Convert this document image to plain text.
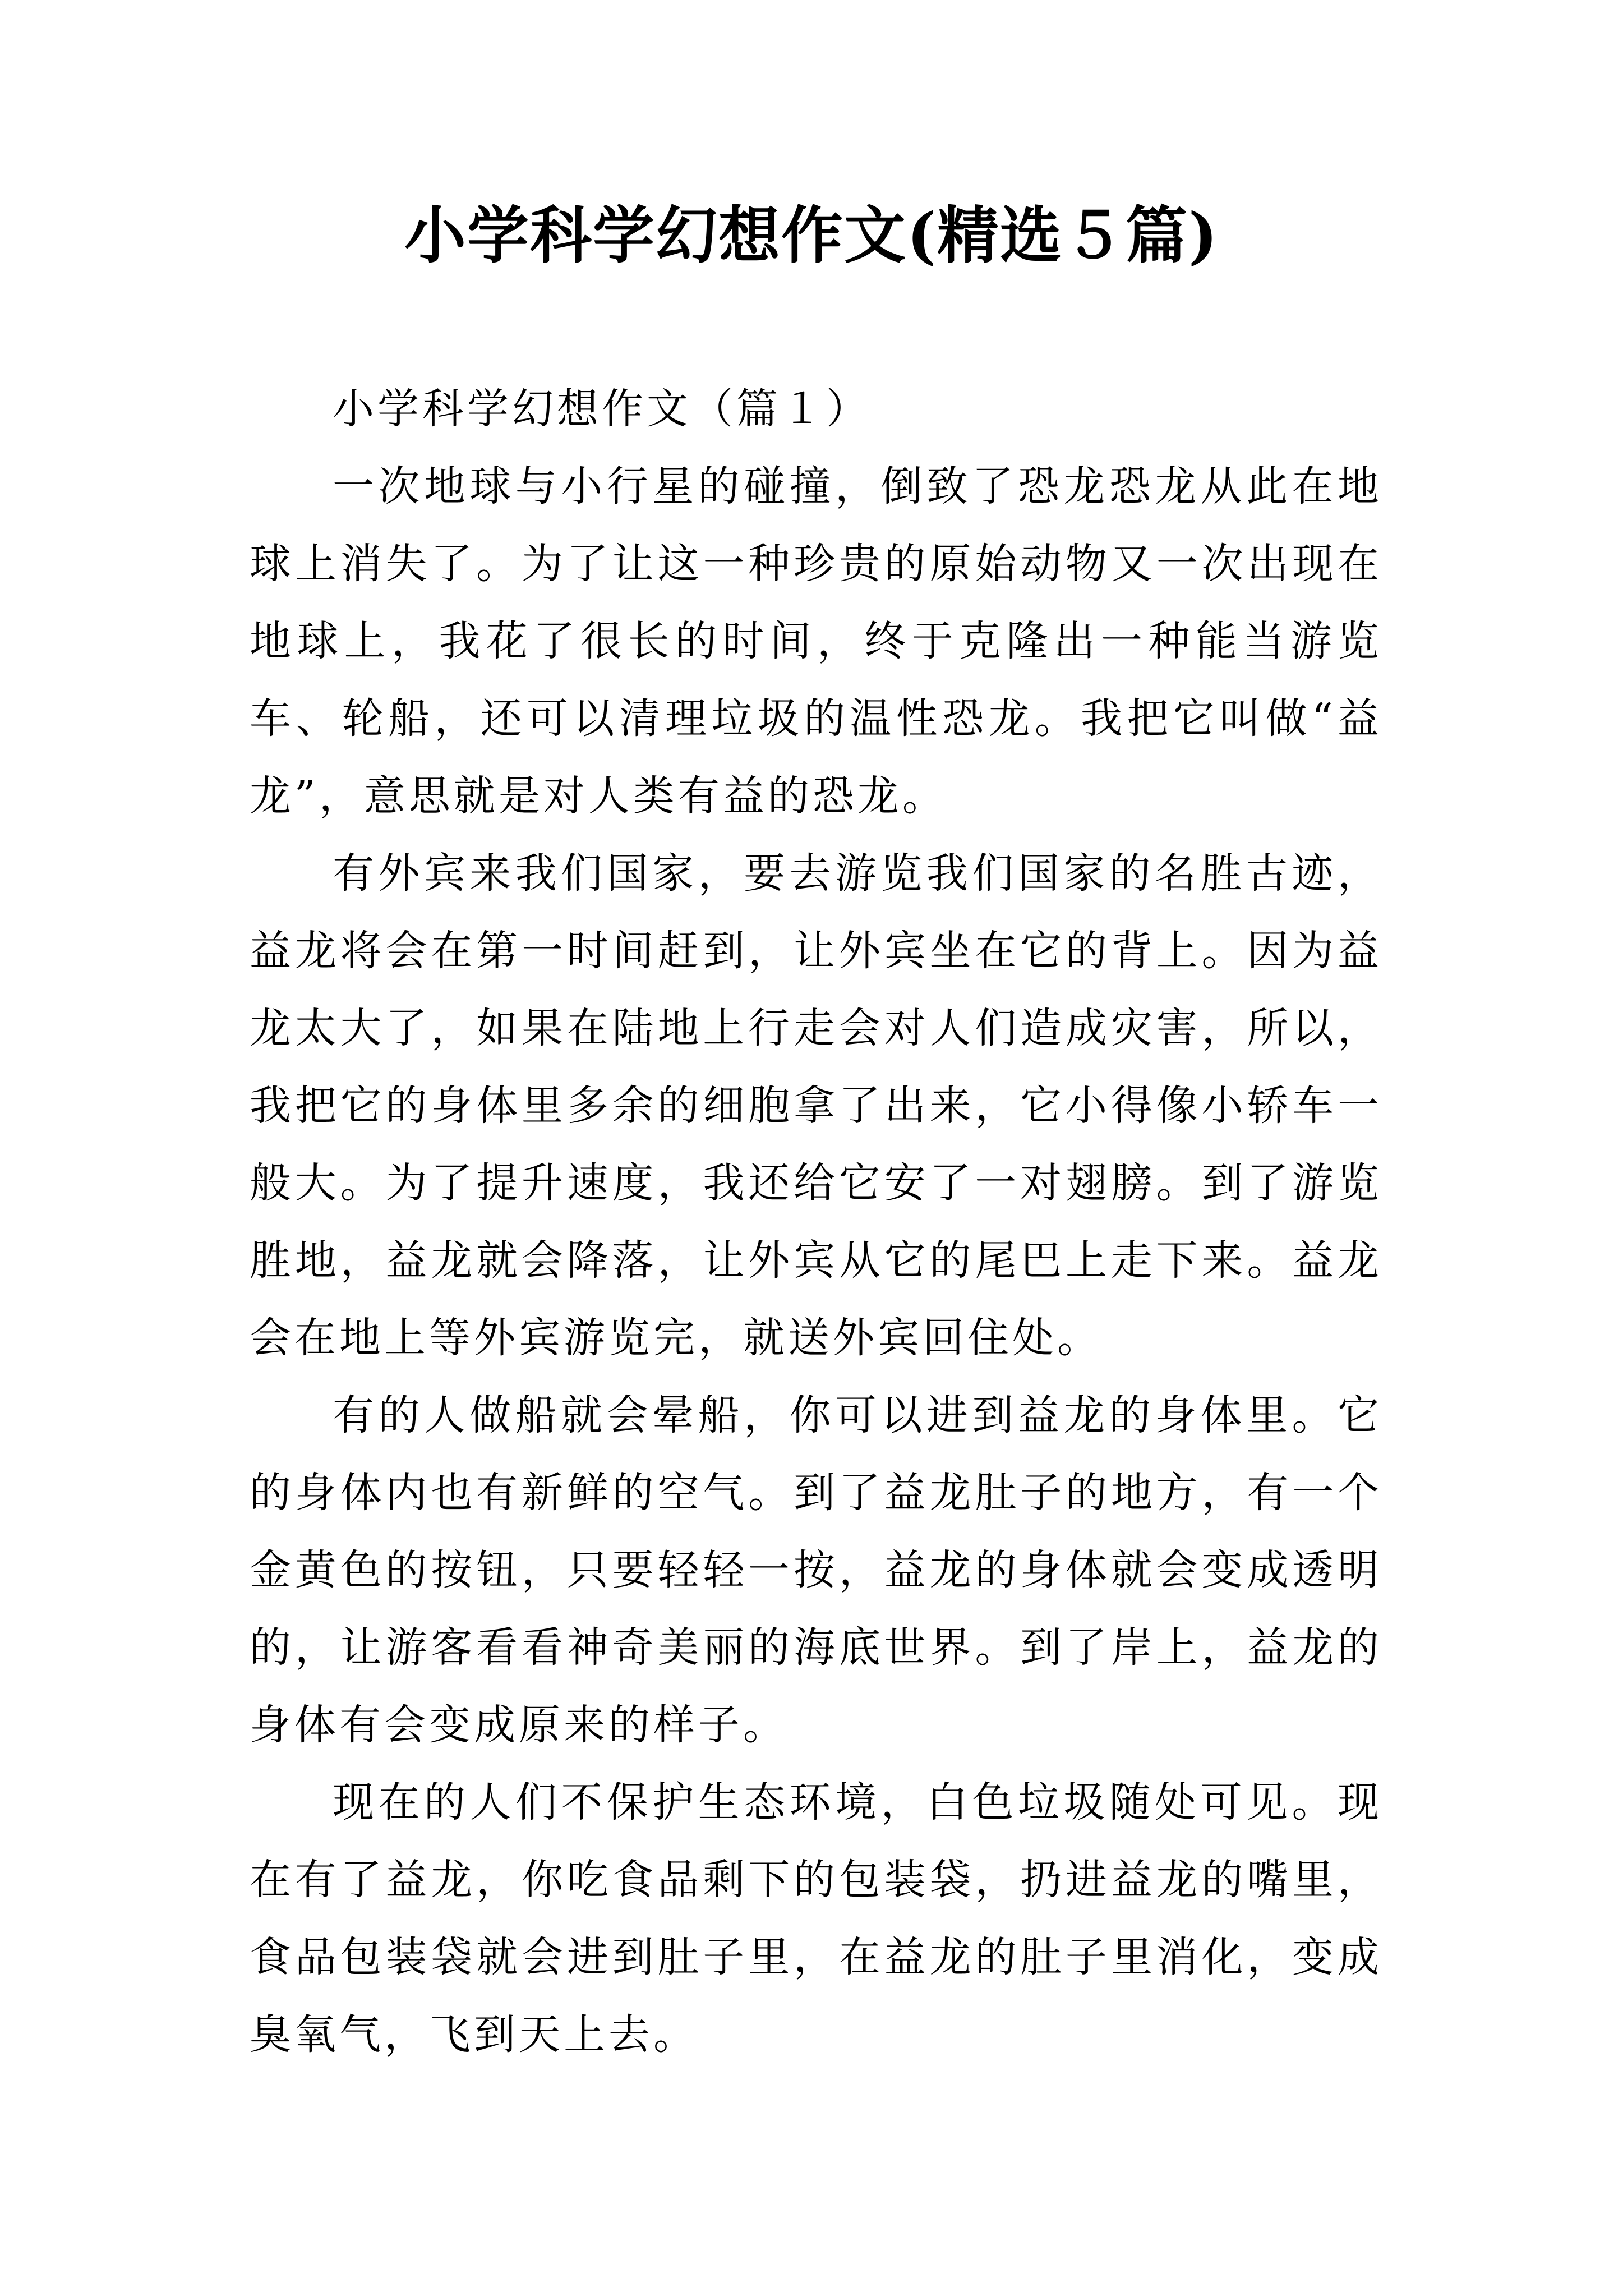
小学科学幻想作文(精选５篇)

小学科学幻想作文（篇１）

一次地球与小行星的碰撞，倒致了恐龙恐龙从此在地球上消失了。为了让这一种珍贵的原始动物又一次出现在地球上，我花了很长的时间，终于克隆出一种能当游览车、轮船，还可以清理垃圾的温性恐龙。我把它叫做“益龙”，意思就是对人类有益的恐龙。

有外宾来我们国家，要去游览我们国家的名胜古迹，益龙将会在第一时间赶到，让外宾坐在它的背上。因为益龙太大了，如果在陆地上行走会对人们造成灾害，所以，我把它的身体里多余的细胞拿了出来，它小得像小轿车一般大。为了提升速度，我还给它安了一对翅膀。到了游览胜地，益龙就会降落，让外宾从它的尾巴上走下来。益龙会在地上等外宾游览完，就送外宾回住处。

有的人做船就会晕船，你可以进到益龙的身体里。它的身体内也有新鲜的空气。到了益龙肚子的地方，有一个金黄色的按钮，只要轻轻一按，益龙的身体就会变成透明的，让游客看看神奇美丽的海底世界。到了岸上，益龙的身体有会变成原来的样子。

现在的人们不保护生态环境，白色垃圾随处可见。现在有了益龙，你吃食品剩下的包装袋，扔进益龙的嘴里，食品包装袋就会进到肚子里，在益龙的肚子里消化，变成臭氧气，飞到天上去。
